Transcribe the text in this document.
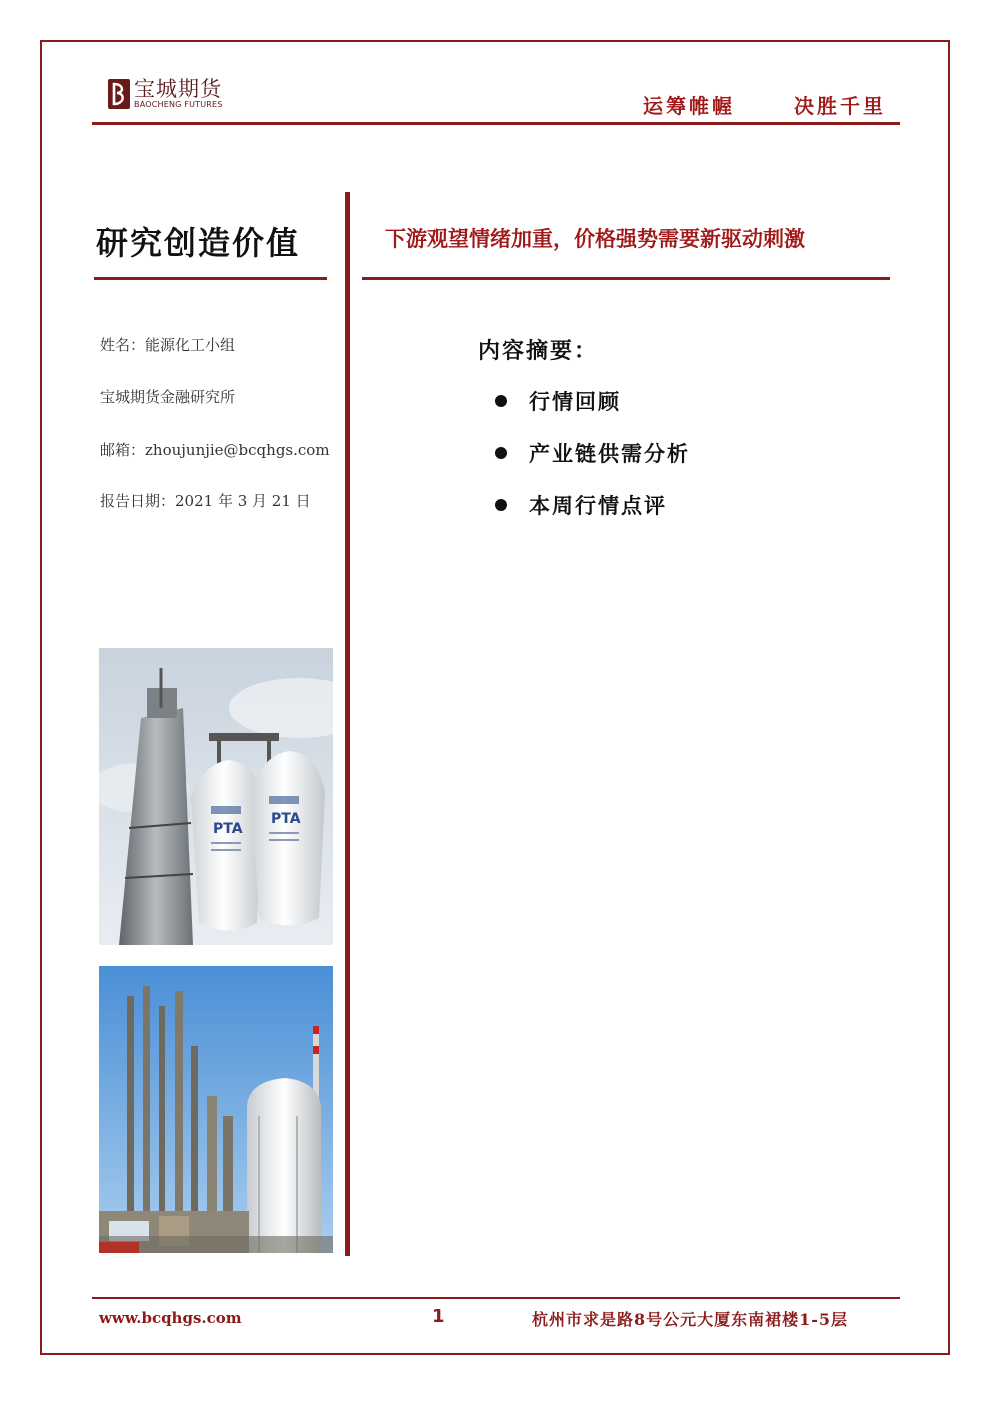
宝城期货
BAOCHENG FUTURES	运筹帷幄	决胜千里
研究创造价值	下游观望情绪加重，价格强势需要新驱动刺激
姓名：能源化工小组
宝城期货金融研究所
邮箱：zhoujunjie@bcqhgs.com
报告日期：2021 年 3 月 21 日
内容摘要：
行情回顾
产业链供需分析
本周行情点评
PTA
PTA
www.bcqhgs.com	1	杭州市求是路8号公元大厦东南裙楼1-5层
